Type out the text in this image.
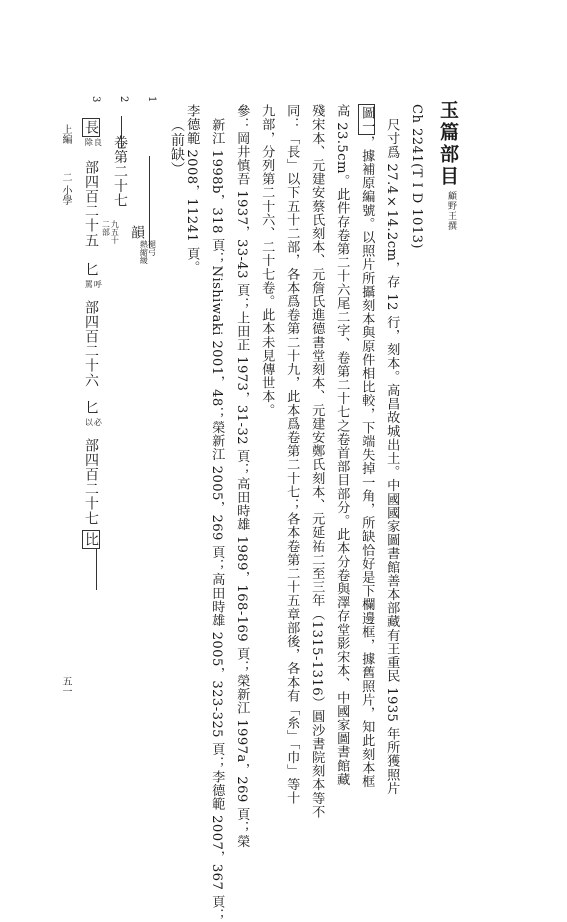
玉篇部目
顧野王撰
Ch 2241(T I D 1013)
尺寸爲 27.4×14.2cm，存 12 行，刻本。高昌故城出土。中國國家圖書館善本部藏有王重民 1935 年所獲照片
圖一，據補原編號。以照片所攝刻本與原件相比較，下端失掉一角，所缺恰好是下欄邊框，據舊照片，知此刻本框
高 23.5cm。此件存卷第二十六尾二字、卷第二十七之卷首部目部分。此本分卷與澤存堂影宋本、中國家圖書館藏
殘宋本、元建安蔡氏刻本、元詹氏進德書堂刻本、元建安鄭氏刻本、元延祐二至三年（1315-1316）圓沙書院刻本等不
同：「長」以下五十二部，各本爲卷第二十九，此本爲卷第二十七；各本卷第二十五章部後，各本有「糸」「巾」等十
九部，分列第二十六、二十七卷。此本未見傳世本。
參：岡井慎吾 1937，33-43 頁；上田正 1973，31-32 頁；高田時雄 1989，168-169 頁；榮新江 1997a，269 頁；榮
新江 1998b，318 頁；Nishiwaki 2001，48；榮新江 2005，269 頁；高田時雄 2005，323-325 頁；李德範 2007，367 頁；
李德範 2008，11241 頁。
（前缺）
1
褪弓
熱縮緩
韻
2
卷第二十七
九五十
二部
3
長
良
除
部四百二十五
匕
呼
罵
部四百二十六
匕
必
以
部四百二十七
比
上編
二 小學
五一
